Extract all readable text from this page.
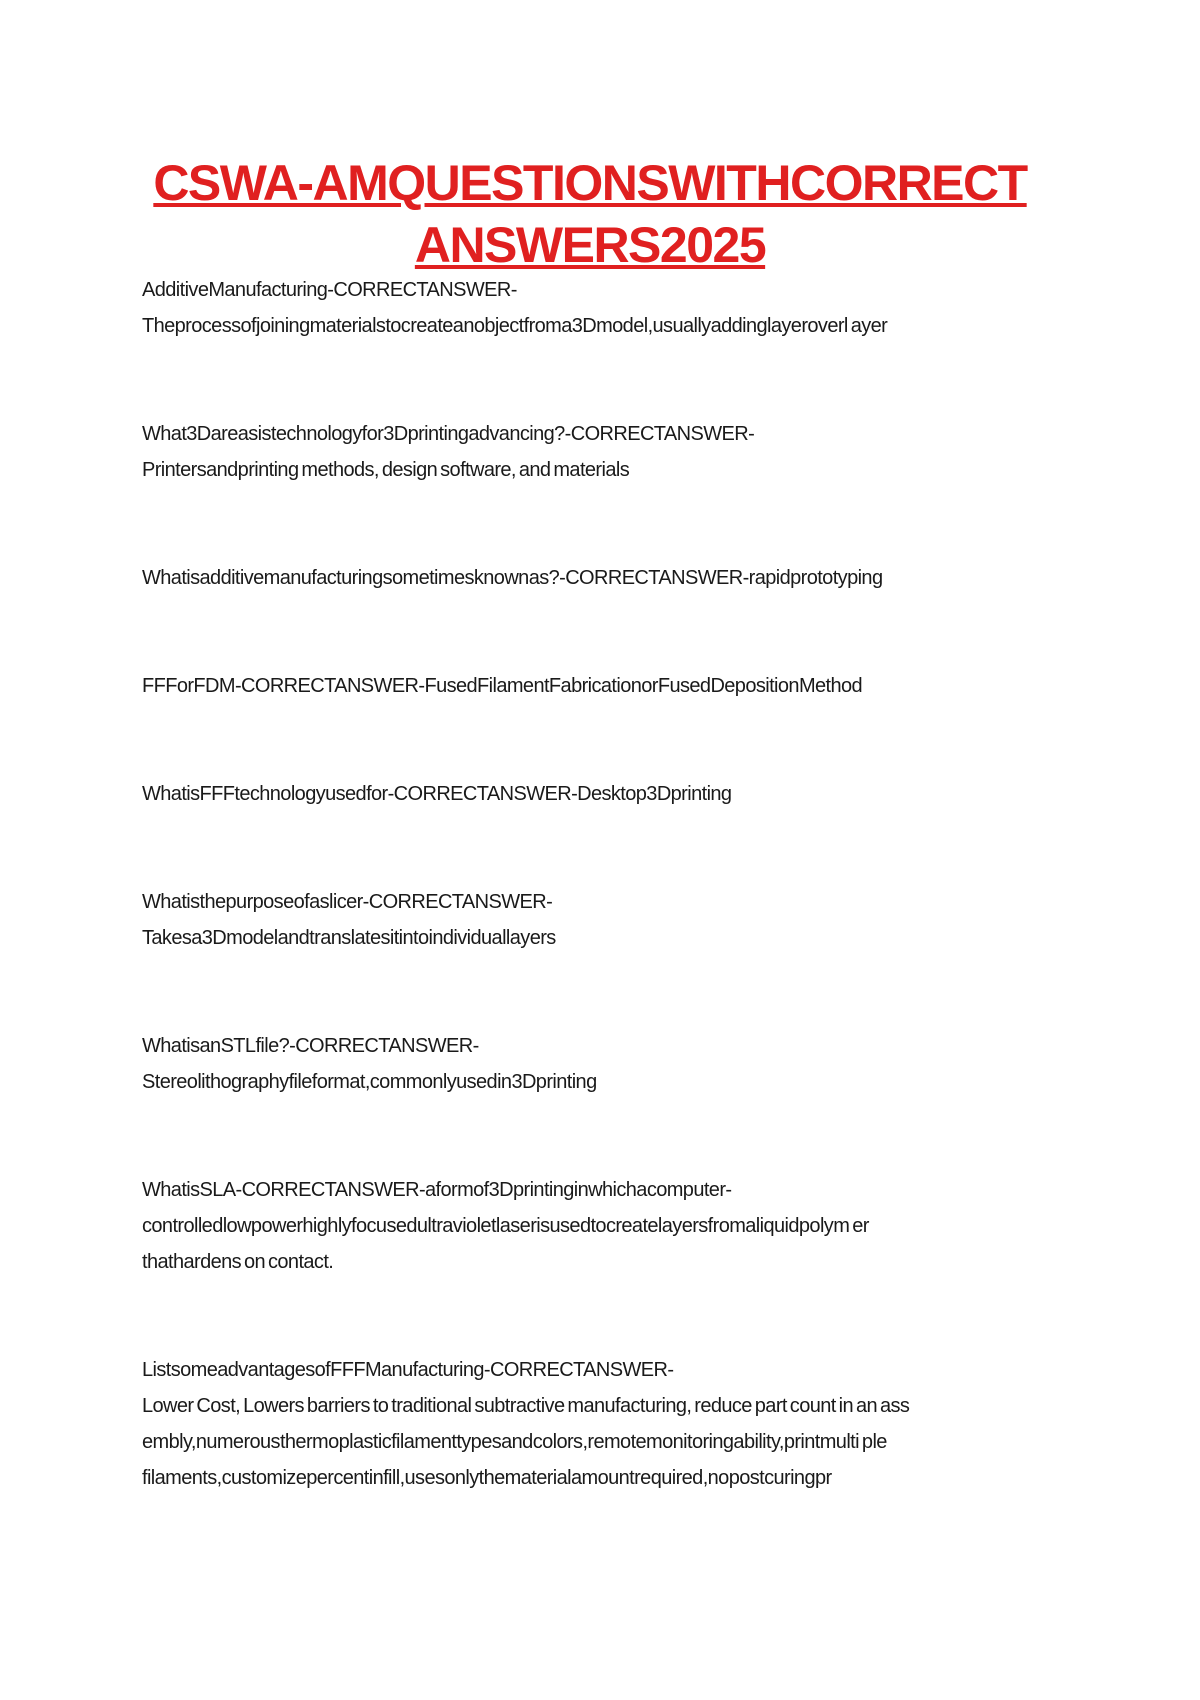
CSWA-AMQUESTIONSWITHCORRECT
ANSWERS2025
AdditiveManufacturing-CORRECTANSWER-
Theprocessofjoiningmaterialstocreateanobjectfroma3Dmodel,usuallyaddinglayeroverl ayer
What3Dareasistechnologyfor3Dprintingadvancing?-CORRECTANSWER-
Printersandprinting methods, design software, and materials
Whatisadditivemanufacturingsometimesknownas?-CORRECTANSWER-rapidprototyping
FFForFDM-CORRECTANSWER-FusedFilamentFabricationorFusedDepositionMethod
WhatisFFFtechnologyusedfor-CORRECTANSWER-Desktop3Dprinting
Whatisthepurposeofaslicer-CORRECTANSWER-
Takesa3Dmodelandtranslatesitintoindividuallayers
WhatisanSTLfile?-CORRECTANSWER-
Stereolithographyfileformat,commonlyusedin3Dprinting
WhatisSLA-CORRECTANSWER-aformof3Dprintinginwhichacomputer-
controlledlowpowerhighlyfocusedultravioletlaserisusedtocreatelayersfromaliquidpolym er
thathardens on contact.
ListsomeadvantagesofFFFManufacturing-CORRECTANSWER-
Lower Cost, Lowers barriers to traditional subtractive manufacturing, reduce part count in an ass
embly,numerousthermoplasticfilamenttypesandcolors,remotemonitoringability,printmulti ple
filaments,customizepercentinfill,usesonlythematerialamountrequired,nopostcuringpr
